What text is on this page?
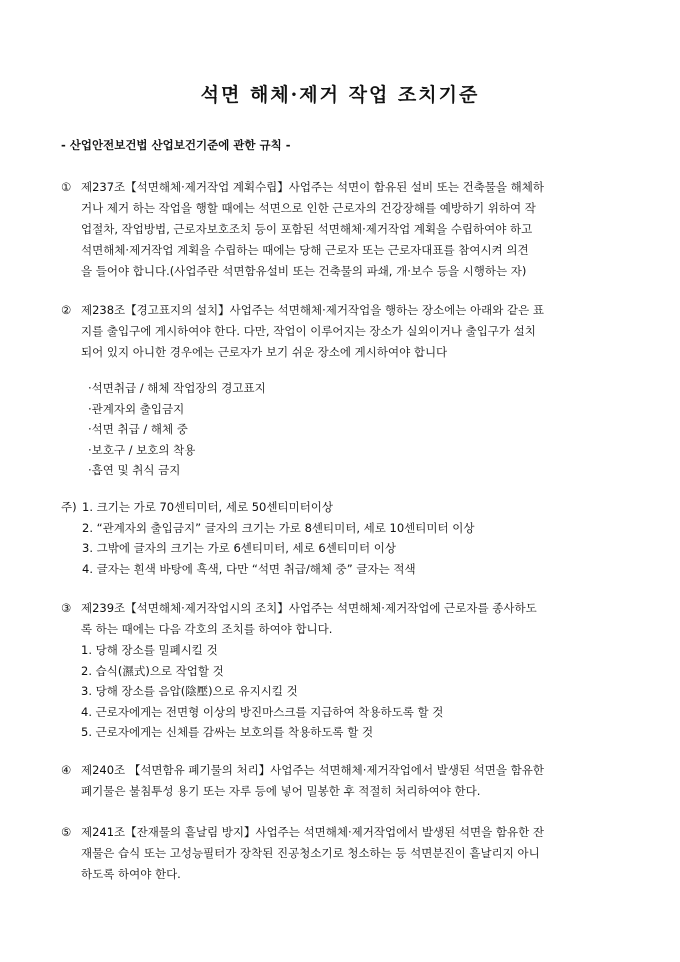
석면 해체·제거 작업 조치기준
- 산업안전보건법 산업보건기준에 관한 규칙 -
① 제237조【석면해체·제거작업 계획수립】사업주는 석면이 함유된 설비 또는 건축물을 해체하
거나 제거 하는 작업을 행할 때에는 석면으로 인한 근로자의 건강장해를 예방하기 위하여 작
업절차, 작업방법, 근로자보호조치 등이 포함된 석면해체·제거작업 계획을 수립하여야 하고
석면해체·제거작업 계획을 수립하는 때에는 당해 근로자 또는 근로자대표를 참여시켜 의견
을 들어야 합니다.(사업주란 석면함유설비 또는 건축물의 파쇄, 개·보수 등을 시행하는 자)
② 제238조【경고표지의 설치】사업주는 석면해체·제거작업을 행하는 장소에는 아래와 같은 표
지를 출입구에 게시하여야 한다. 다만, 작업이 이루어지는 장소가 실외이거나 출입구가 설치
되어 있지 아니한 경우에는 근로자가 보기 쉬운 장소에 게시하여야 합니다
·석면취급 / 해체 작업장의 경고표지
·관계자외 출입금지
·석면 취급 / 해체 중
·보호구 / 보호의 착용
·흡연 및 취식 금지
주) 1. 크기는 가로 70센티미터, 세로 50센티미터이상
2. “관계자외 출입금지” 글자의 크기는 가로 8센티미터, 세로 10센티미터 이상
3. 그밖에 글자의 크기는 가로 6센티미터, 세로 6센티미터 이상
4. 글자는 흰색 바탕에 흑색, 다만 “석면 취급/해체 중” 글자는 적색
③ 제239조【석면해체·제거작업시의 조치】사업주는 석면해체·제거작업에 근로자를 종사하도
록 하는 때에는 다음 각호의 조치를 하여야 합니다.
1. 당해 장소를 밀폐시킬 것
2. 습식(濕式)으로 작업할 것
3. 당해 장소를 음압(陰壓)으로 유지시킬 것
4. 근로자에게는 전면형 이상의 방진마스크를 지급하여 착용하도록 할 것
5. 근로자에게는 신체를 감싸는 보호의를 착용하도록 할 것
④ 제240조 【석면함유 폐기물의 처리】사업주는 석면해체·제거작업에서 발생된 석면을 함유한
폐기물은 불침투성 용기 또는 자루 등에 넣어 밀봉한 후 적절히 처리하여야 한다.
⑤ 제241조【잔재물의 흩날림 방지】사업주는 석면해체·제거작업에서 발생된 석면을 함유한 잔
재물은 습식 또는 고성능필터가 장착된 진공청소기로 청소하는 등 석면분진이 흩날리지 아니
하도록 하여야 한다.
